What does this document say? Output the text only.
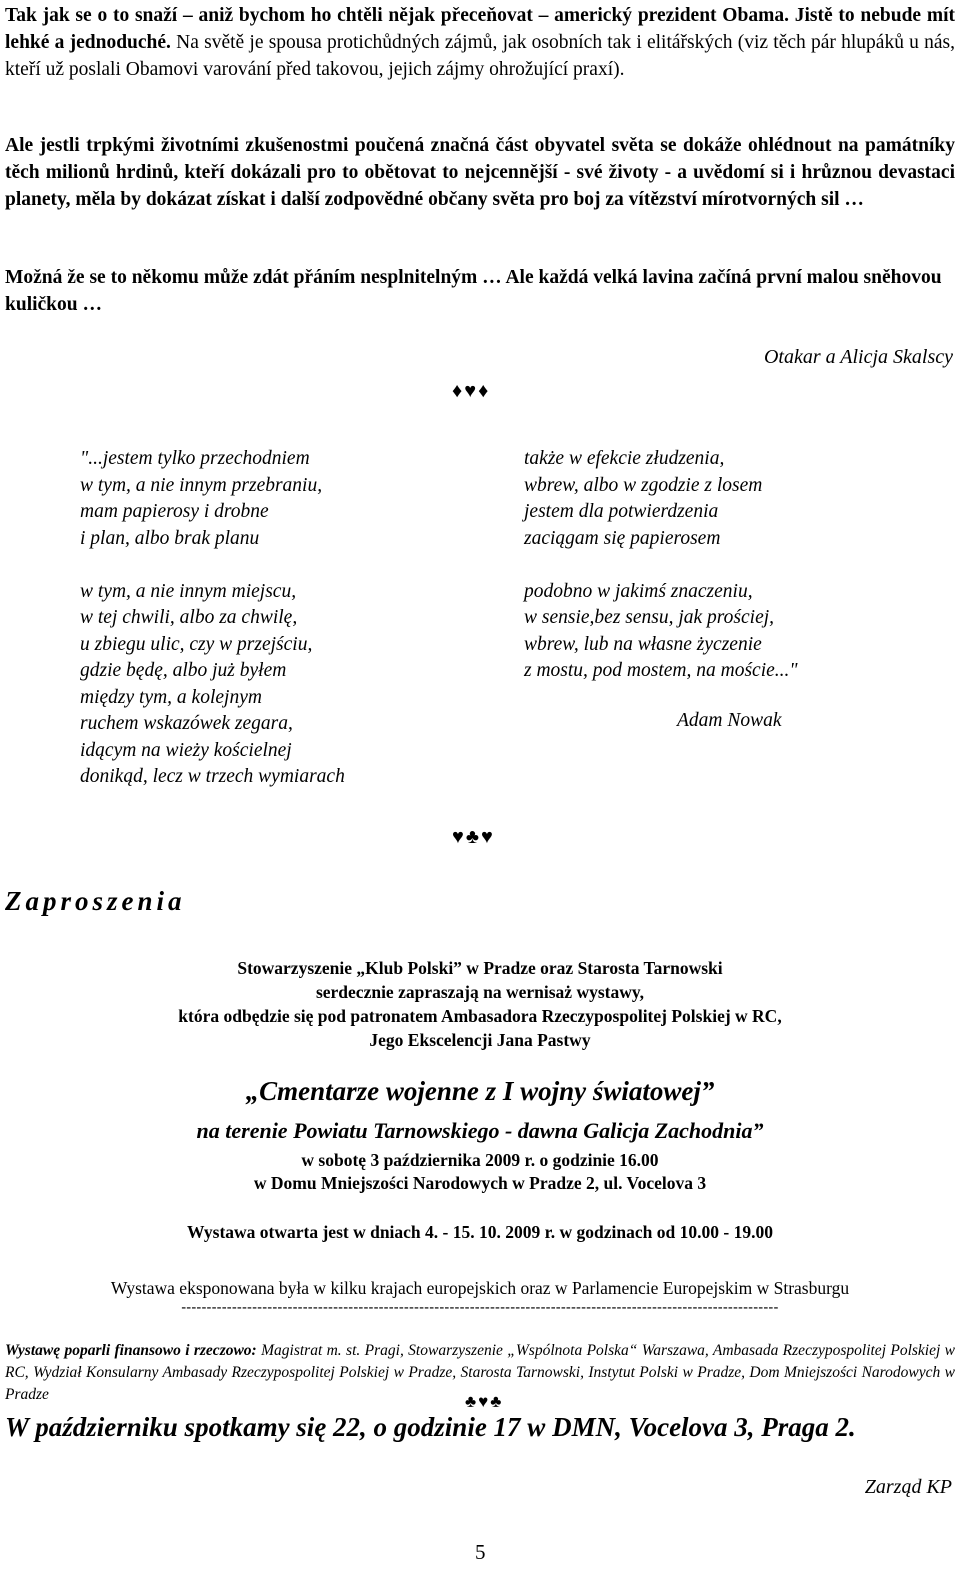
Tak jak se o to snaží – aniž bychom ho chtěli nějak přeceňovat – americký prezident Obama. Jistě to nebude mít lehké a jednoduché. Na světě je spousa protichůdných zájmů, jak osobních tak i elitářských (viz těch pár hlupáků u nás, kteří už poslali Obamovi varování před takovou, jejich zájmy ohrožující praxí).

Ale jestli trpkými životními zkušenostmi poučená značná část obyvatel světa se dokáže ohlédnout na památníky těch milionů hrdinů, kteří dokázali pro to obětovat to nejcennější - své životy - a uvědomí si i hrůznou devastaci planety, měla by dokázat získat i další zodpovědné občany světa pro boj za vítězství mírotvorných sil …

Možná že se to někomu může zdát přáním nesplnitelným … Ale každá velká lavina začíná první malou sněhovou kuličkou …

Otakar a Alicja Skalscy
♦♥♦
"...jestem tylko przechodniem
w tym, a nie innym przebraniu,
mam papierosy i drobne
i plan, albo brak planu
w tym, a nie innym miejscu,
w tej chwili, albo za chwilę,
u zbiegu ulic, czy w przejściu,
gdzie będę, albo już byłem
między tym, a kolejnym
ruchem wskazówek zegara,
idącym na wieży kościelnej
donikąd, lecz w trzech wymiarach
także w efekcie złudzenia,
wbrew, albo w zgodzie z losem
jestem dla potwierdzenia
zaciągam się papierosem
podobno w jakimś znaczeniu,
w sensie,bez sensu, jak prościej,
wbrew, lub na własne życzenie
z mostu, pod mostem, na moście..."
Adam Nowak
♥♣♥
Zaproszenia
Stowarzyszenie „Klub Polski” w Pradze oraz Starosta Tarnowski
serdecznie zapraszają na wernisaż wystawy,
która odbędzie się pod patronatem Ambasadora Rzeczypospolitej Polskiej w RC,
Jego Ekscelencji Jana Pastwy
„Cmentarze wojenne z I wojny światowej”
na terenie Powiatu Tarnowskiego - dawna Galicja Zachodnia”
w sobotę 3 października 2009 r. o godzinie 16.00
w Domu Mniejszości Narodowych w Pradze 2, ul. Vocelova 3
Wystawa otwarta jest w dniach 4. - 15. 10. 2009 r. w godzinach od 10.00 - 19.00
Wystawa eksponowana była w kilku krajach europejskich oraz w Parlamencie Europejskim w Strasburgu
----------------------------------------------------------------------------------------------------------------------

Wystawę poparli finansowo i rzeczowo: Magistrat m. st. Pragi, Stowarzyszenie „Wspólnota Polska“ Warszawa, Ambasada Rzeczypospolitej Polskiej w RC, Wydział Konsularny Ambasady Rzeczypospolitej Polskiej w Pradze, Starosta Tarnowski, Instytut Polski w Pradze, Dom Mniejszości Narodowych w Pradze	♣♥♣
W październiku spotkamy się 22, o godzinie 17 w DMN, Vocelova 3, Praga 2.
Zarząd KP
5
